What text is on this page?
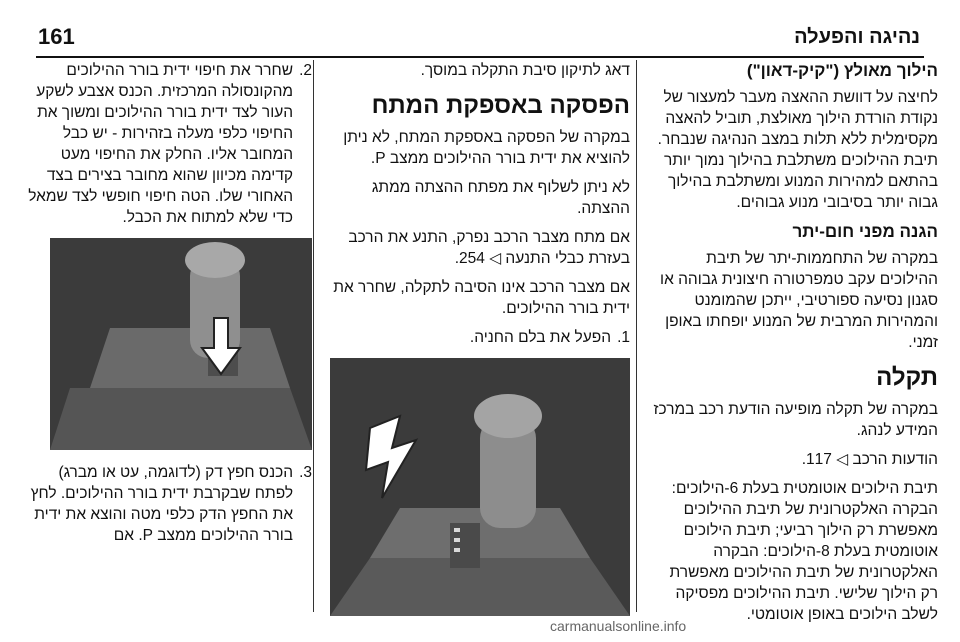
161	נהיגה והפעלה
הילוך מאולץ ("קיק-דאון")
לחיצה על דוושת ההאצה מעבר למעצור של נקודת הורדת הילוך מאולצת, תוביל להאצה מקסימלית ללא תלות במצב הנהיגה שנבחר. תיבת ההילוכים משתלבת בהילוך נמוך יותר בהתאם למהירות המנוע ומשתלבת בהילוך גבוה יותר בסיבובי מנוע גבוהים.
הגנה מפני חום-יתר
במקרה של התחממות-יתר של תיבת ההילוכים עקב טמפרטורה חיצונית גבוהה או סגנון נסיעה ספורטיבי, ייתכן שהמומנט והמהירות המרבית של המנוע יופחתו באופן זמני.
תקלה
במקרה של תקלה מופיעה הודעת רכב במרכז המידע לנהג.
הודעות הרכב ◁ 117.
תיבת הילוכים אוטומטית בעלת 6-הילוכים: הבקרה האלקטרונית של תיבת ההילוכים מאפשרת רק הילוך רביעי; תיבת הילוכים אוטומטית בעלת 8-הילוכים: הבקרה האלקטרונית של תיבת ההילוכים מאפשרת רק הילוך שלישי. תיבת ההילוכים מפסיקה לשלב הילוכים באופן אוטומטי.
דאג לתיקון סיבת התקלה במוסך.
הפסקה באספקת המתח
במקרה של הפסקה באספקת המתח, לא ניתן להוציא את ידית בורר ההילוכים ממצב P.
לא ניתן לשלוף את מפתח ההצתה ממתג ההצתה.
אם מתח מצבר הרכב נפרק, התנע את הרכב בעזרת כבלי התנעה ◁ 254.
אם מצבר הרכב אינו הסיבה לתקלה, שחרר את ידית בורר ההילוכים.
1.
הפעל את בלם החניה.
2.
שחרר את חיפוי ידית בורר ההילוכים מהקונסולה המרכזית. הכנס אצבע לשקע העור לצד ידית בורר ההילוכים ומשוך את החיפוי כלפי מעלה בזהירות - יש כבל המחובר אליו. החלק את החיפוי מעט קדימה מכיוון שהוא מחובר בצירים בצד האחורי שלו. הטה חיפוי חופשי לצד שמאל כדי שלא למתוח את הכבל.
3.
הכנס חפץ דק (לדוגמה, עט או מברג) לפתח שבקרבת ידית בורר ההילוכים. לחץ את החפץ הדק כלפי מטה והוצא את ידית בורר ההילוכים ממצב P. אם
carmanualsonline.info
